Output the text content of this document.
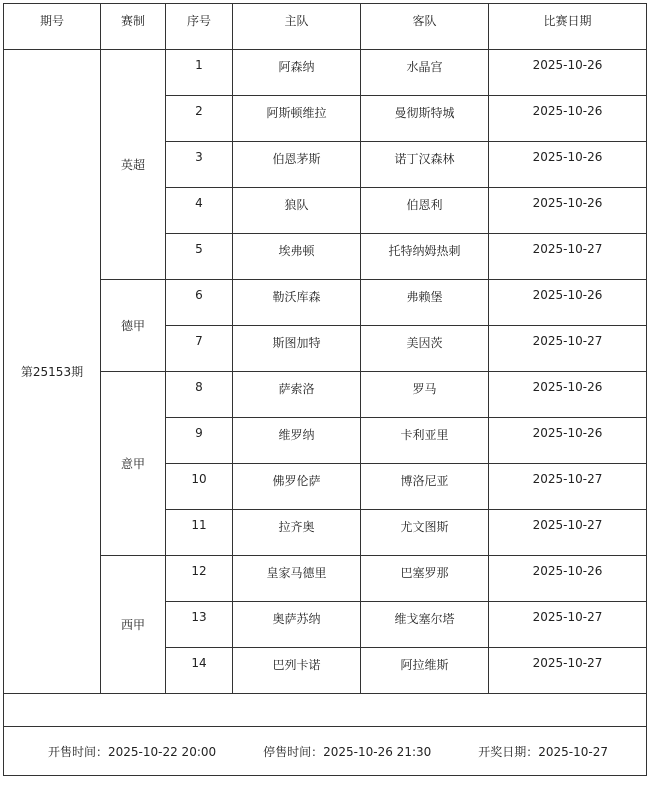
期号	赛制	序号	主队	客队	比赛日期
第25153期	英超	1	阿森纳	水晶宫	2025-10-26
		2	阿斯顿维拉	曼彻斯特城	2025-10-26
		3	伯恩茅斯	诺丁汉森林	2025-10-26
		4	狼队	伯恩利	2025-10-26
		5	埃弗顿	托特纳姆热刺	2025-10-27
	德甲	6	勒沃库森	弗赖堡	2025-10-26
		7	斯图加特	美因茨	2025-10-27
	意甲	8	萨索洛	罗马	2025-10-26
		9	维罗纳	卡利亚里	2025-10-26
		10	佛罗伦萨	博洛尼亚	2025-10-27
		11	拉齐奥	尤文图斯	2025-10-27
	西甲	12	皇家马德里	巴塞罗那	2025-10-26
		13	奥萨苏纳	维戈塞尔塔	2025-10-27
		14	巴列卡诺	阿拉维斯	2025-10-27

开售时间：2025-10-22 20:00 停售时间：2025-10-26 21:30 开奖日期：2025-10-27					
